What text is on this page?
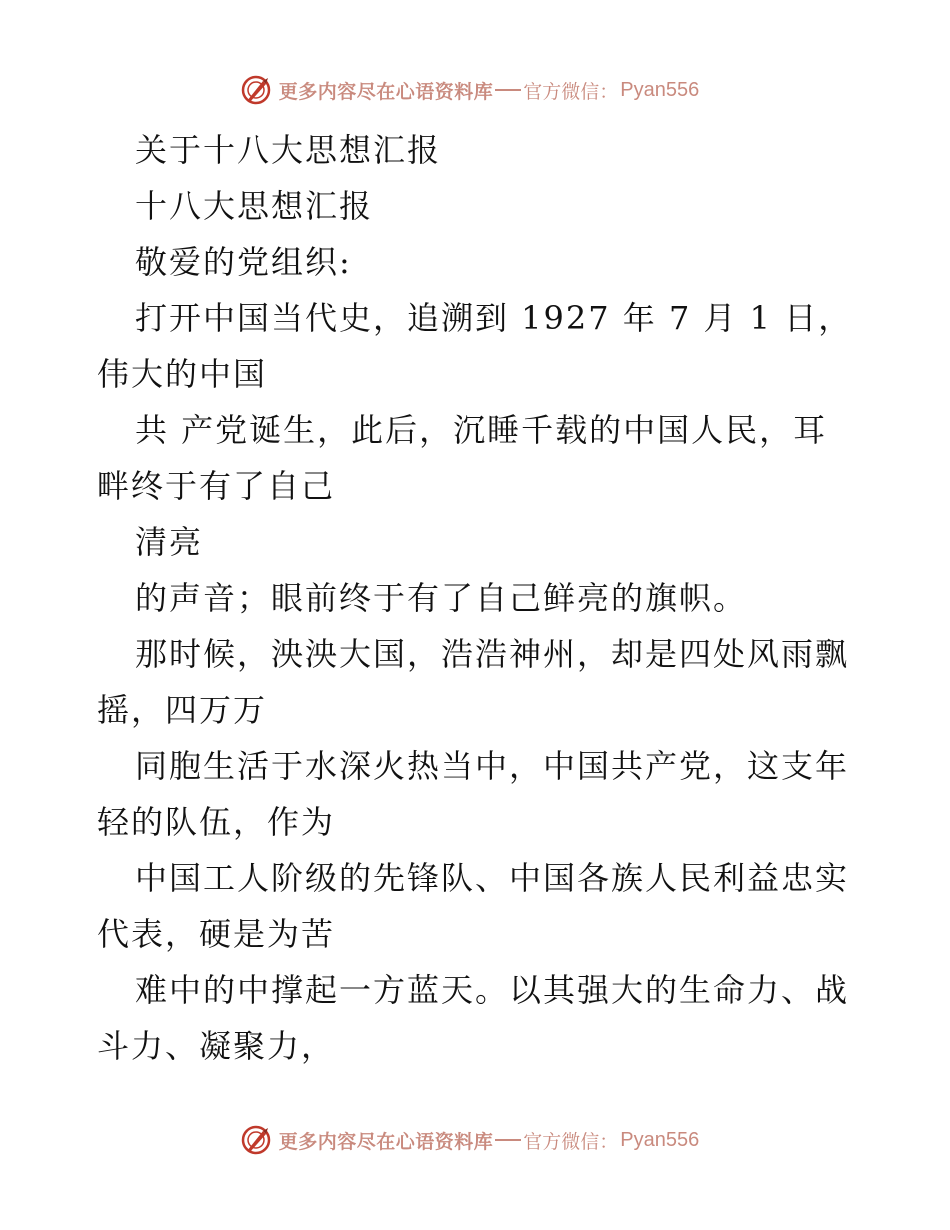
更多内容尽在心语资料库 官方微信： Pyan556
关于十八大思想汇报
十八大思想汇报
敬爱的党组织:
打开中国当代史，追溯到 1927 年 7 月 1 日，
伟大的中国
共 产党诞生，此后，沉睡千载的中国人民，耳
畔终于有了自己
清亮
的声音；眼前终于有了自己鲜亮的旗帜。
那时候，泱泱大国，浩浩神州，却是四处风雨飘
摇，四万万
同胞生活于水深火热当中，中国共产党，这支年
轻的队伍，作为
中国工人阶级的先锋队、中国各族人民利益忠实
代表，硬是为苦
难中的中撑起一方蓝天。以其强大的生命力、战
斗力、凝聚力，
更多内容尽在心语资料库 官方微信： Pyan556
